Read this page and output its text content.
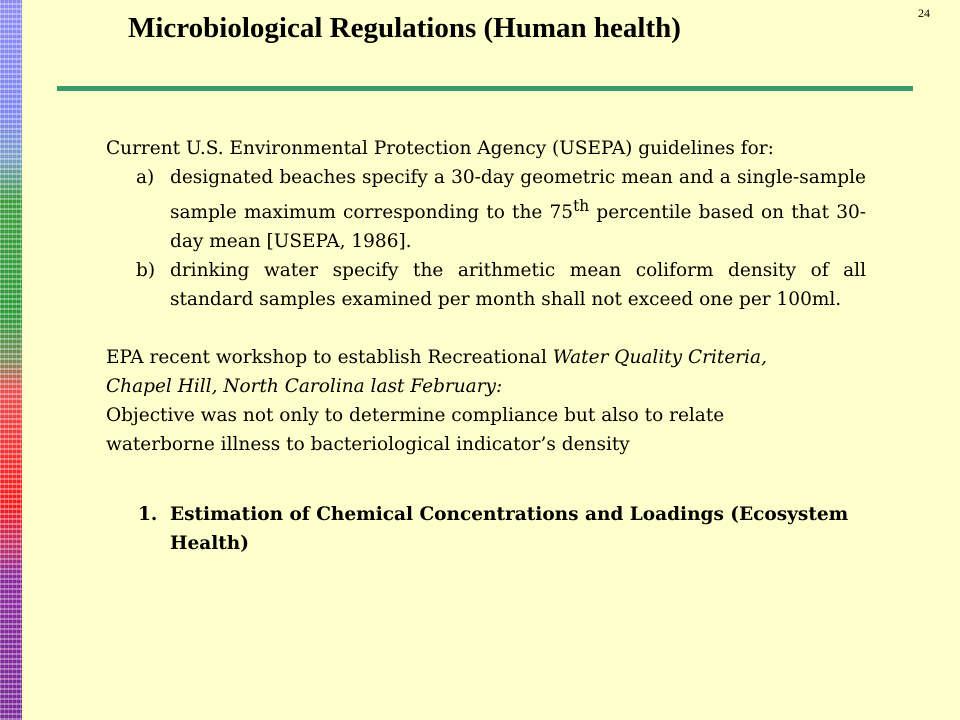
24
Microbiological Regulations (Human health)
Current U.S. Environmental Protection Agency (USEPA) guidelines for:
a) designated beaches specify a 30-day geometric mean and a single-sample sample maximum corresponding to the 75th percentile based on that 30-day mean [USEPA, 1986].
b) drinking water specify the arithmetic mean coliform density of all standard samples examined per month shall not exceed one per 100ml.
EPA recent workshop to establish Recreational Water Quality Criteria,
Chapel Hill, North Carolina last February:
Objective was not only to determine compliance but also to relate
waterborne illness to bacteriological indicator’s density
1. Estimation of Chemical Concentrations and Loadings (Ecosystem Health)
